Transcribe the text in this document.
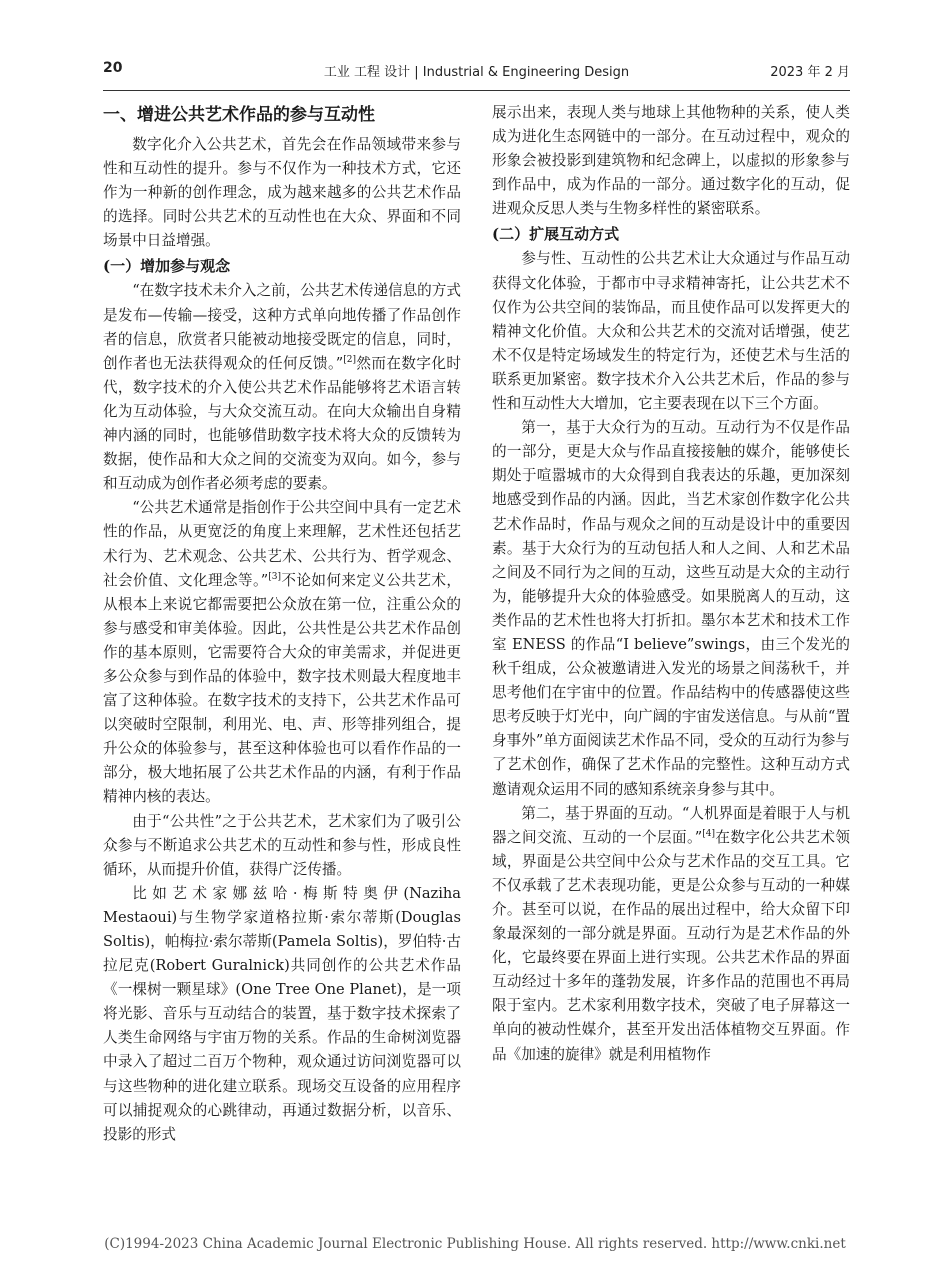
20	工业 工程 设计 | Industrial & Engineering Design	2023 年 2 月
一、增进公共艺术作品的参与互动性

数字化介入公共艺术，首先会在作品领域带来参与性和互动性的提升。参与不仅作为一种技术方式，它还作为一种新的创作理念，成为越来越多的公共艺术作品的选择。同时公共艺术的互动性也在大众、界面和不同场景中日益增强。

(一）增加参与观念

“在数字技术未介入之前，公共艺术传递信息的方式是发布—传输—接受，这种方式单向地传播了作品创作者的信息，欣赏者只能被动地接受既定的信息，同时，创作者也无法获得观众的任何反馈。”[2]然而在数字化时代，数字技术的介入使公共艺术作品能够将艺术语言转化为互动体验，与大众交流互动。在向大众输出自身精神内涵的同时，也能够借助数字技术将大众的反馈转为数据，使作品和大众之间的交流变为双向。如今，参与和互动成为创作者必须考虑的要素。

“公共艺术通常是指创作于公共空间中具有一定艺术性的作品，从更宽泛的角度上来理解，艺术性还包括艺术行为、艺术观念、公共艺术、公共行为、哲学观念、社会价值、文化理念等。”[3]不论如何来定义公共艺术，从根本上来说它都需要把公众放在第一位，注重公众的参与感受和审美体验。因此，公共性是公共艺术作品创作的基本原则，它需要符合大众的审美需求，并促进更多公众参与到作品的体验中，数字技术则最大程度地丰富了这种体验。在数字技术的支持下，公共艺术作品可以突破时空限制，利用光、电、声、形等排列组合，提升公众的体验参与，甚至这种体验也可以看作作品的一部分，极大地拓展了公共艺术作品的内涵，有利于作品精神内核的表达。

由于“公共性”之于公共艺术，艺术家们为了吸引公众参与不断追求公共艺术的互动性和参与性，形成良性循环，从而提升价值，获得广泛传播。

比如艺术家娜兹哈·梅斯特奥伊(Naziha Mestaoui)与生物学家道格拉斯·索尔蒂斯(Douglas Soltis)，帕梅拉·索尔蒂斯(Pamela Soltis)，罗伯特·古拉尼克(Robert Guralnick)共同创作的公共艺术作品《一棵树一颗星球》(One Tree One Planet)，是一项将光影、音乐与互动结合的装置，基于数字技术探索了人类生命网络与宇宙万物的关系。作品的生命树浏览器中录入了超过二百万个物种，观众通过访问浏览器可以与这些物种的进化建立联系。现场交互设备的应用程序可以捕捉观众的心跳律动，再通过数据分析，以音乐、投影的形式

展示出来，表现人类与地球上其他物种的关系，使人类成为进化生态网链中的一部分。在互动过程中，观众的形象会被投影到建筑物和纪念碑上，以虚拟的形象参与到作品中，成为作品的一部分。通过数字化的互动，促进观众反思人类与生物多样性的紧密联系。

(二）扩展互动方式

参与性、互动性的公共艺术让大众通过与作品互动获得文化体验，于都市中寻求精神寄托，让公共艺术不仅作为公共空间的装饰品，而且使作品可以发挥更大的精神文化价值。大众和公共艺术的交流对话增强，使艺术不仅是特定场域发生的特定行为，还使艺术与生活的联系更加紧密。数字技术介入公共艺术后，作品的参与性和互动性大大增加，它主要表现在以下三个方面。

第一，基于大众行为的互动。互动行为不仅是作品的一部分，更是大众与作品直接接触的媒介，能够使长期处于喧嚣城市的大众得到自我表达的乐趣，更加深刻地感受到作品的内涵。因此，当艺术家创作数字化公共艺术作品时，作品与观众之间的互动是设计中的重要因素。基于大众行为的互动包括人和人之间、人和艺术品之间及不同行为之间的互动，这些互动是大众的主动行为，能够提升大众的体验感受。如果脱离人的互动，这类作品的艺术性也将大打折扣。墨尔本艺术和技术工作室 ENESS 的作品“I believe”swings，由三个发光的秋千组成，公众被邀请进入发光的场景之间荡秋千，并思考他们在宇宙中的位置。作品结构中的传感器使这些思考反映于灯光中，向广阔的宇宙发送信息。与从前“置身事外”单方面阅读艺术作品不同，受众的互动行为参与了艺术创作，确保了艺术作品的完整性。这种互动方式邀请观众运用不同的感知系统亲身参与其中。

第二，基于界面的互动。“人机界面是着眼于人与机器之间交流、互动的一个层面。”[4]在数字化公共艺术领域，界面是公共空间中公众与艺术作品的交互工具。它不仅承载了艺术表现功能，更是公众参与互动的一种媒介。甚至可以说，在作品的展出过程中，给大众留下印象最深刻的一部分就是界面。互动行为是艺术作品的外化，它最终要在界面上进行实现。公共艺术作品的界面互动经过十多年的蓬勃发展，许多作品的范围也不再局限于室内。艺术家利用数字技术，突破了电子屏幕这一单向的被动性媒介，甚至开发出活体植物交互界面。作品《加速的旋律》就是利用植物作

(C)1994-2023 China Academic Journal Electronic Publishing House. All rights reserved. http://www.cnki.net
